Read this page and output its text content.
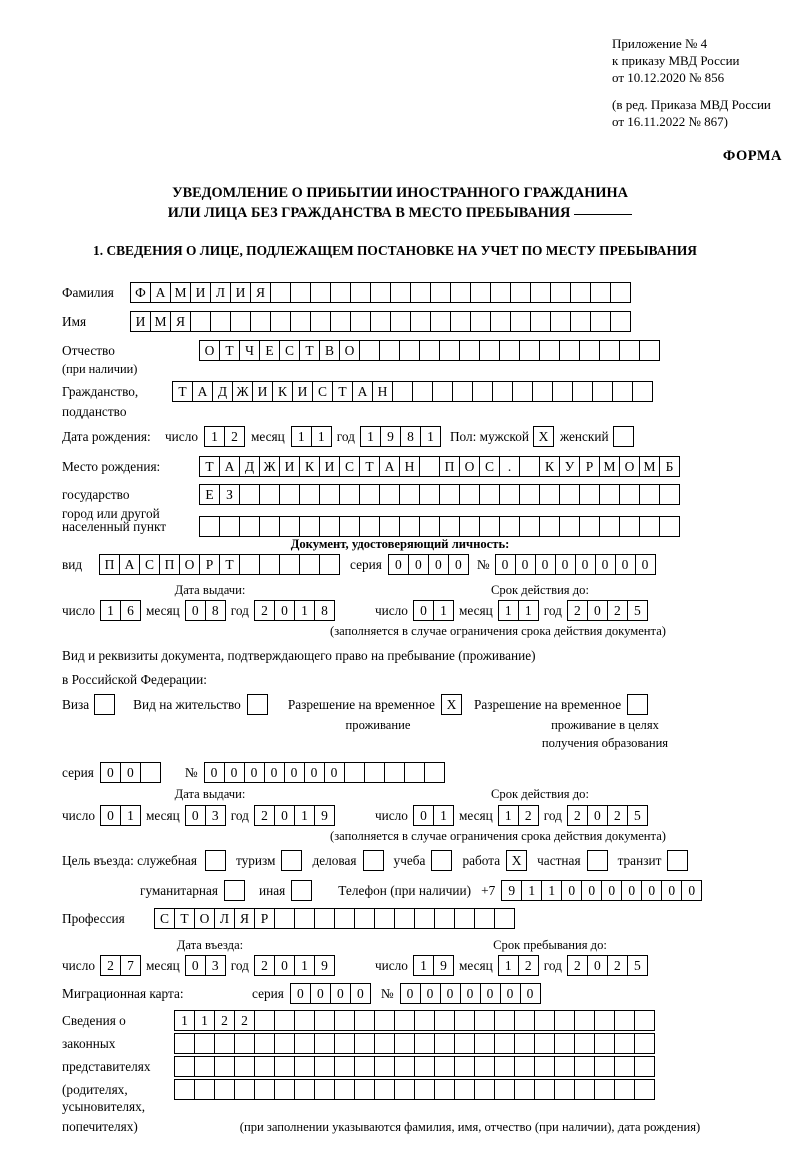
Приложение № 4
к приказу МВД России
от 10.12.2020 № 856
(в ред. Приказа МВД России
от 16.11.2022 № 867)
ФОРМА
УВЕДОМЛЕНИЕ О ПРИБЫТИИ ИНОСТРАННОГО ГРАЖДАНИНА
ИЛИ ЛИЦА БЕЗ ГРАЖДАНСТВА В МЕСТО ПРЕБЫВАНИЯ
1. СВЕДЕНИЯ О ЛИЦЕ, ПОДЛЕЖАЩЕМ ПОСТАНОВКЕ НА УЧЕТ ПО МЕСТУ ПРЕБЫВАНИЯ
Фамилия	Ф А М И Л И Я
Имя	И М Я
Отчество	О Т Ч Е С Т В О
(при наличии)
Гражданство,	Т А Д Ж И К И С Т А Н
подданство
Дата рождения:	число 1 2 месяц 1 1 год 1 9 8 1	Пол: мужской X женский
Место рождения:	Т А Д Ж И К И С Т А Н	П О С	.	К У Р М О М Б
государство	Е З
город или другой
населенный пункт
Документ, удостоверяющий личность:
вид	П А С П О Р Т	серия 0 0 0 0	№ 0 0 0 0 0 0 0 0
Дата выдачи:	Срок действия до:
число 1 6 месяц 0 8 год 2 0 1 8	число 0 1 месяц 1 1 год 2 0 2 5
(заполняется в случае ограничения срока действия документа)
Вид и реквизиты документа, подтверждающего право на пребывание (проживание)
в Российской Федерации:
Виза	Вид на жительство	Разрешение на временное X	Разрешение на временное
проживание	проживание в целях
получения образования
серия 0 0	№ 0 0 0 0 0 0 0
Дата выдачи:	Срок действия до:
число 0 1 месяц 0 3 год 2 0 1 9	число 0 1 месяц 1 2 год 2 0 2 5
(заполняется в случае ограничения срока действия документа)
Цель въезда: служебная	туризм	деловая	учеба	работа X	частная	транзит
гуманитарная	иная	Телефон (при наличии) +7 9 1 1 0 0 0 0 0 0 0
Профессия	С Т О Л Я Р
Дата въезда:	Срок пребывания до:
число 2 7 месяц 0 3 год 2 0 1 9	число 1 9 месяц 1 2 год 2 0 2 5
Миграционная карта:	серия 0 0 0 0	№ 0 0 0 0 0 0 0
Сведения о	1 1 2 2
законных
представителях
(родителях,
усыновителях,
попечителях)	(при заполнении указываются фамилия, имя, отчество (при наличии), дата рождения)
